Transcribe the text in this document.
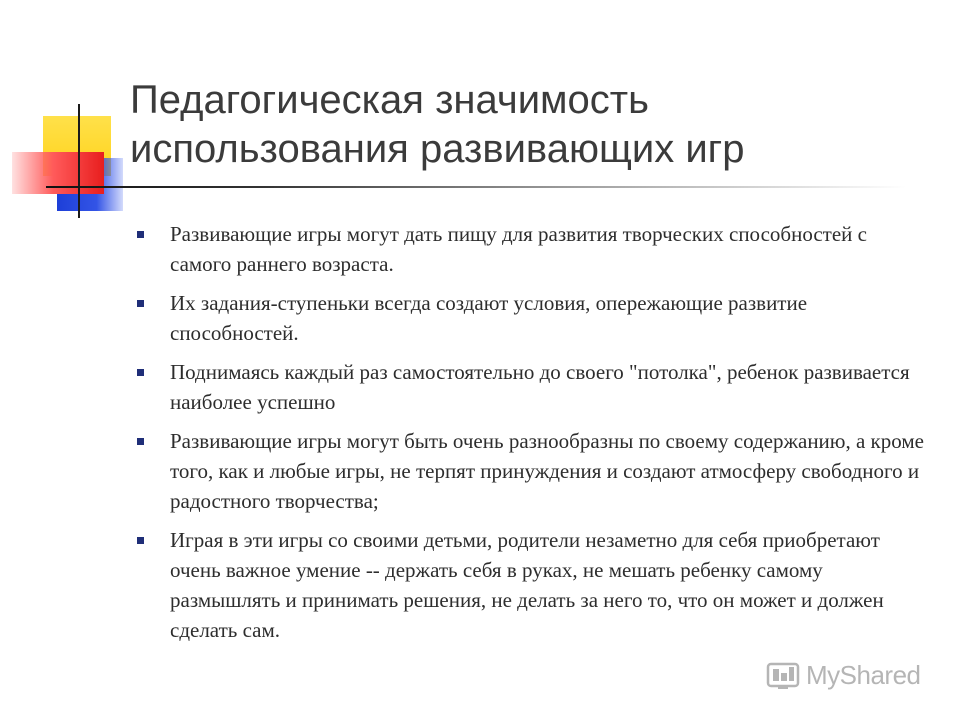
Педагогическая значимость использования развивающих игр
Развивающие игры могут дать пищу для развития творческих способностей с самого раннего возраста.
Их задания-ступеньки всегда создают условия, опережающие развитие способностей.
Поднимаясь каждый раз самостоятельно до своего "потолка", ребенок развивается наиболее успешно
Развивающие игры могут быть очень разнообразны по своему содержанию, а кроме того, как и любые игры, не терпят принуждения и создают атмосферу свободного и радостного творчества;
Играя в эти игры со своими детьми, родители незаметно для себя приобретают очень важное умение -- держать себя в руках, не мешать ребенку самому размышлять и принимать решения, не делать за него то, что он может и должен сделать сам.
MyShared
